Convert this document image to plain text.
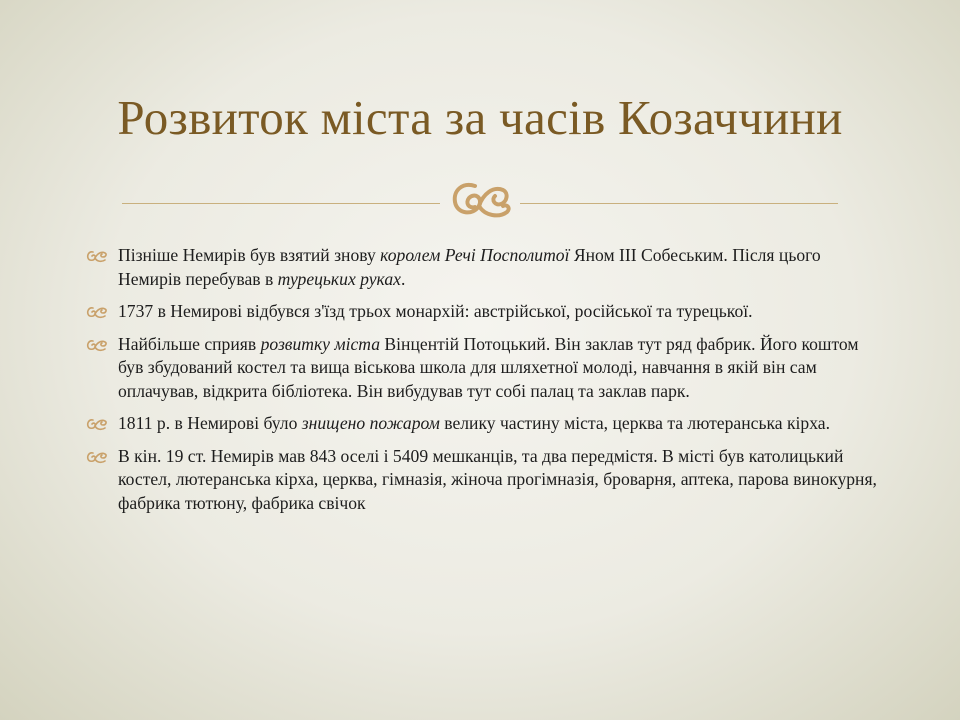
Розвиток міста за часів Козаччини
Пізніше Немирів був взятий знову королем Речі Посполитої Яном ІІІ Собеським. Після цього Немирів перебував в турецьких руках.
1737 в Немирові відбувся з'їзд трьох монархій: австрійської, російської та турецької.
Найбільше сприяв розвитку міста Вінцентій Потоцький. Він заклав тут ряд фабрик. Його коштом був збудований костел та вища віськова школа для шляхетної молоді, навчання в якій він сам оплачував, відкрита бібліотека. Він вибудував тут собі палац та заклав парк.
1811 р. в Немирові було знищено пожаром велику частину міста, церква та лютеранська кірха.
В кін. 19 ст. Немирів мав 843 оселі і 5409 мешканців, та два передмістя. В місті був католицький костел, лютеранська кірха, церква, гімназія, жіноча прогімназія, броварня, аптека, парова винокурня, фабрика тютюну, фабрика свічок
